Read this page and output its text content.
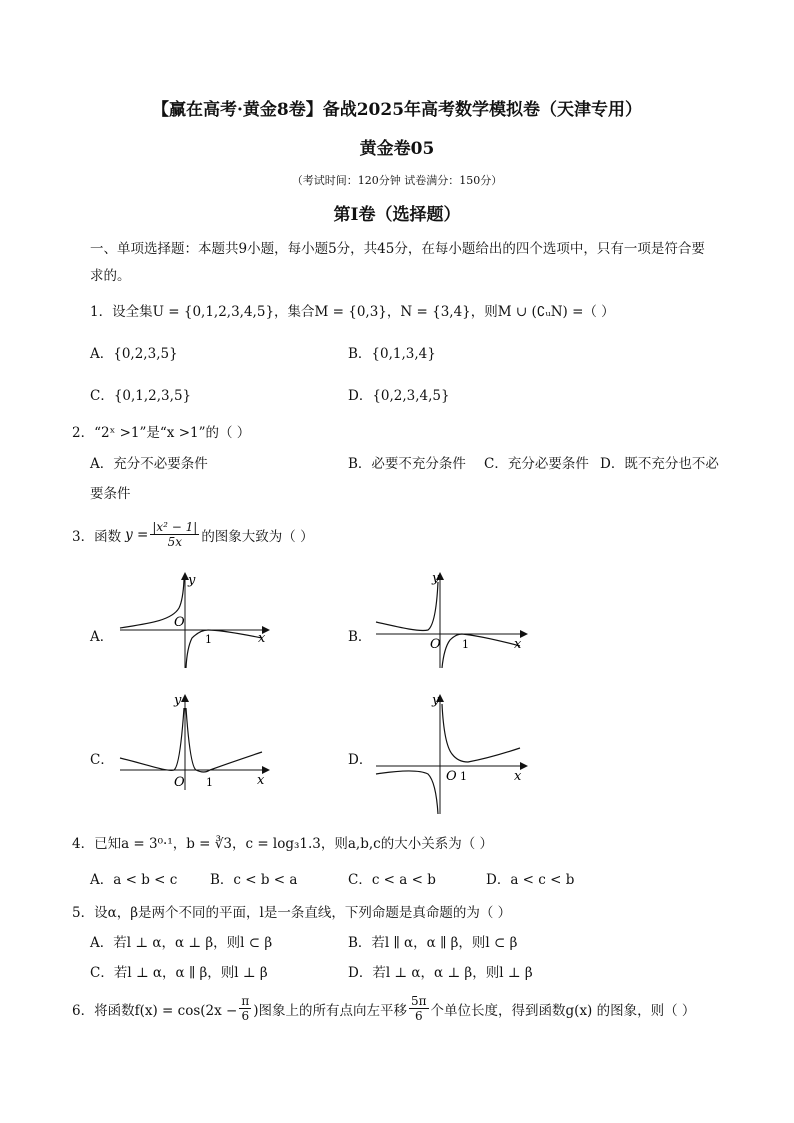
【赢在高考·黄金8卷】备战2025年高考数学模拟卷（天津专用）
黄金卷05
（考试时间：120分钟 试卷满分：150分）
第I卷（选择题）
一、单项选择题：本题共9小题，每小题5分，共45分，在每小题给出的四个选项中，只有一项是符合要
求的。
1．设全集U = {0,1,2,3,4,5}，集合M = {0,3}，N = {3,4}，则M ∪ (∁ᵤN) =（ ）
A．{0,2,3,5}	B．{0,1,3,4}
C．{0,1,2,3,5}	D．{0,2,3,4,5}
2．“2ˣ >1”是“x >1”的（ ）
A．充分不必要条件	B．必要不充分条件 C．充分必要条件 D．既不充分也不必
要条件
3．函数 $y = \frac{\text{|x² − 1|}}{5x}$ 的图象大致为（ ）
A．
y
x
O
1	B．
y
x
O 1
C．
y
x
O 1
D．
y
x
O 1
4．已知a = 3⁰·¹，b = ∛3，c = log₃1.3，则a,b,c的大小关系为（ ）
A．a < b < c B．c < b < a	C．c < a < b	D．a < c < b
5．设α，β是两个不同的平面，l是一条直线，下列命题是真命题的为（ ）
A．若l ⊥ α，α ⊥ β，则l ⊂ β	B．若l ∥ α，α ∥ β，则l ⊂ β
C．若l ⊥ α，α ∥ β，则l ⊥ β	D．若l ⊥ α，α ⊥ β，则l ⊥ β
6．将函数$f(x) = \cos(2x - \frac{\pi}{6}$ )图象上的所有点向左平移 $\frac{5\pi}{6}$ 个单位长度，得到函数g(x) 的图象，则（ ）
